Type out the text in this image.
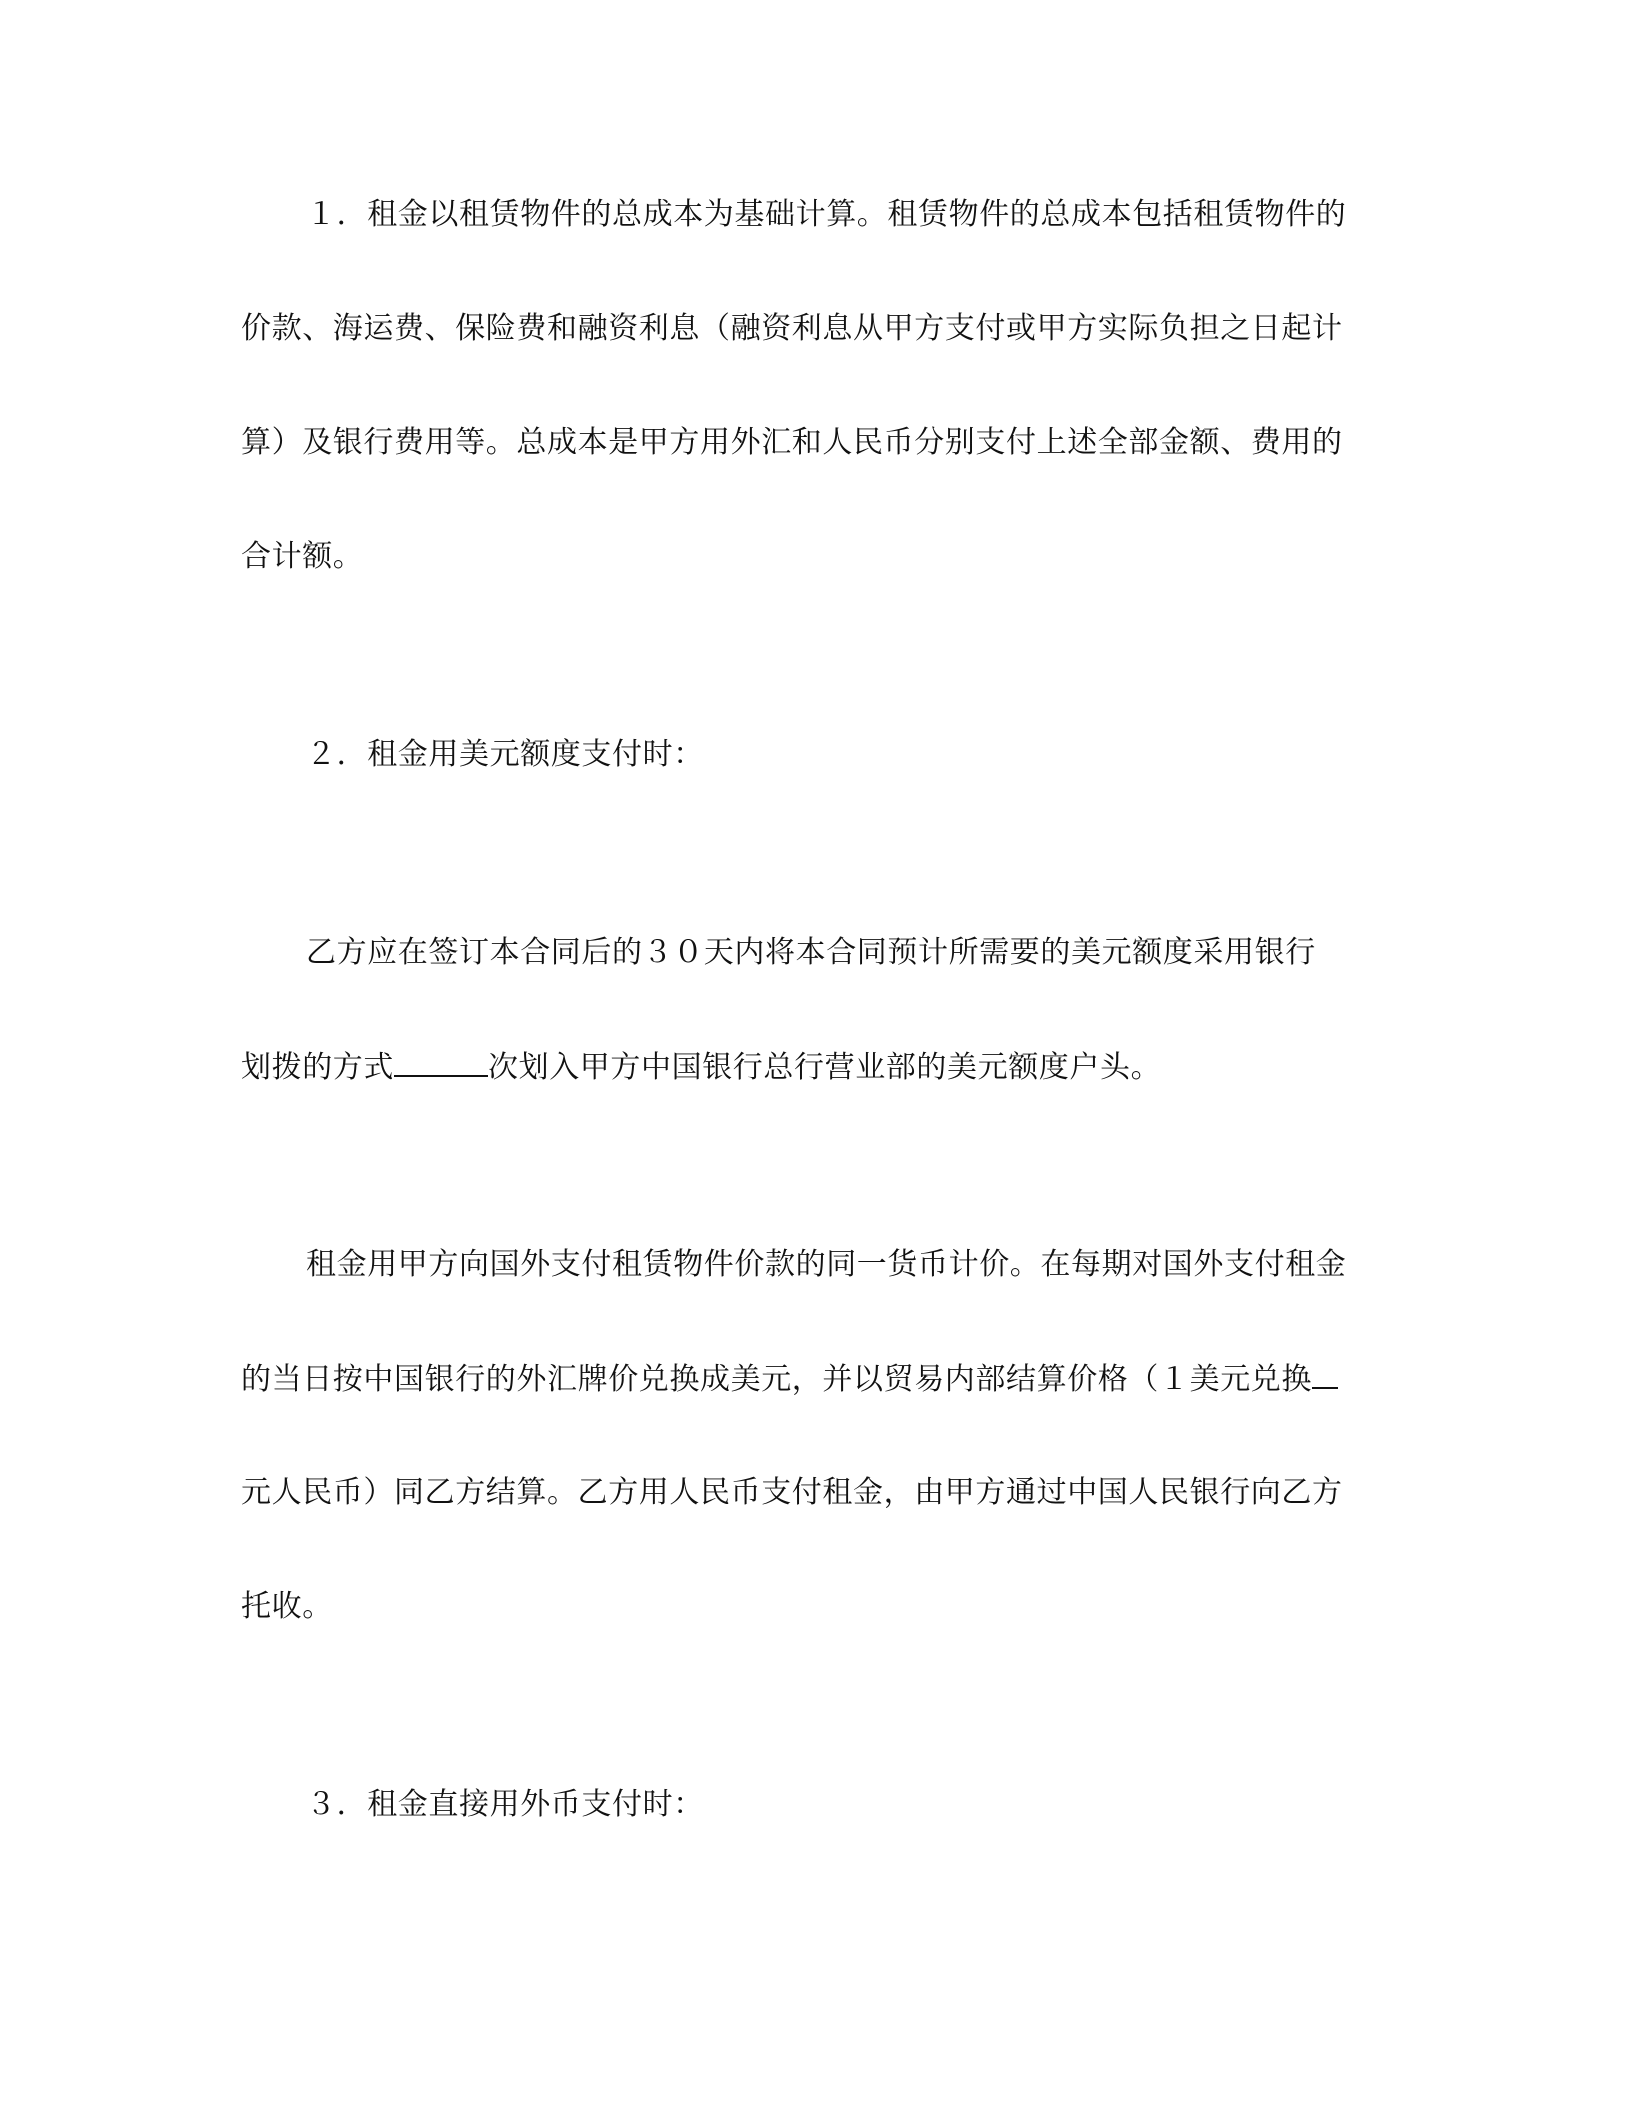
１．租金以租赁物件的总成本为基础计算。租赁物件的总成本包括租赁物件的
价款、海运费、保险费和融资利息（融资利息从甲方支付或甲方实际负担之日起计
算）及银行费用等。总成本是甲方用外汇和人民币分别支付上述全部金额、费用的
合计额。
２．租金用美元额度支付时：
乙方应在签订本合同后的３０天内将本合同预计所需要的美元额度采用银行
划拨的方式	次划入甲方中国银行总行营业部的美元额度户头。
租金用甲方向国外支付租赁物件价款的同一货币计价。在每期对国外支付租金
的当日按中国银行的外汇牌价兑换成美元，并以贸易内部结算价格（１美元兑换
元人民币）同乙方结算。乙方用人民币支付租金，由甲方通过中国人民银行向乙方
托收。
３．租金直接用外币支付时：
